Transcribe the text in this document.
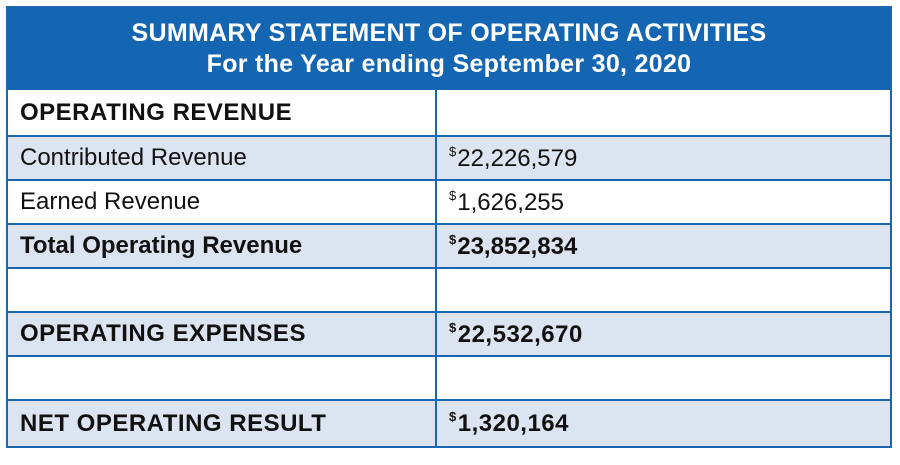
SUMMARY STATEMENT OF OPERATING ACTIVITIES
For the Year ending September 30, 2020
OPERATING REVENUE	
Contributed Revenue	$22,226,579
Earned Revenue	$1,626,255
Total Operating Revenue	$23,852,834

OPERATING EXPENSES	$22,532,670

NET OPERATING RESULT	$1,320,164
